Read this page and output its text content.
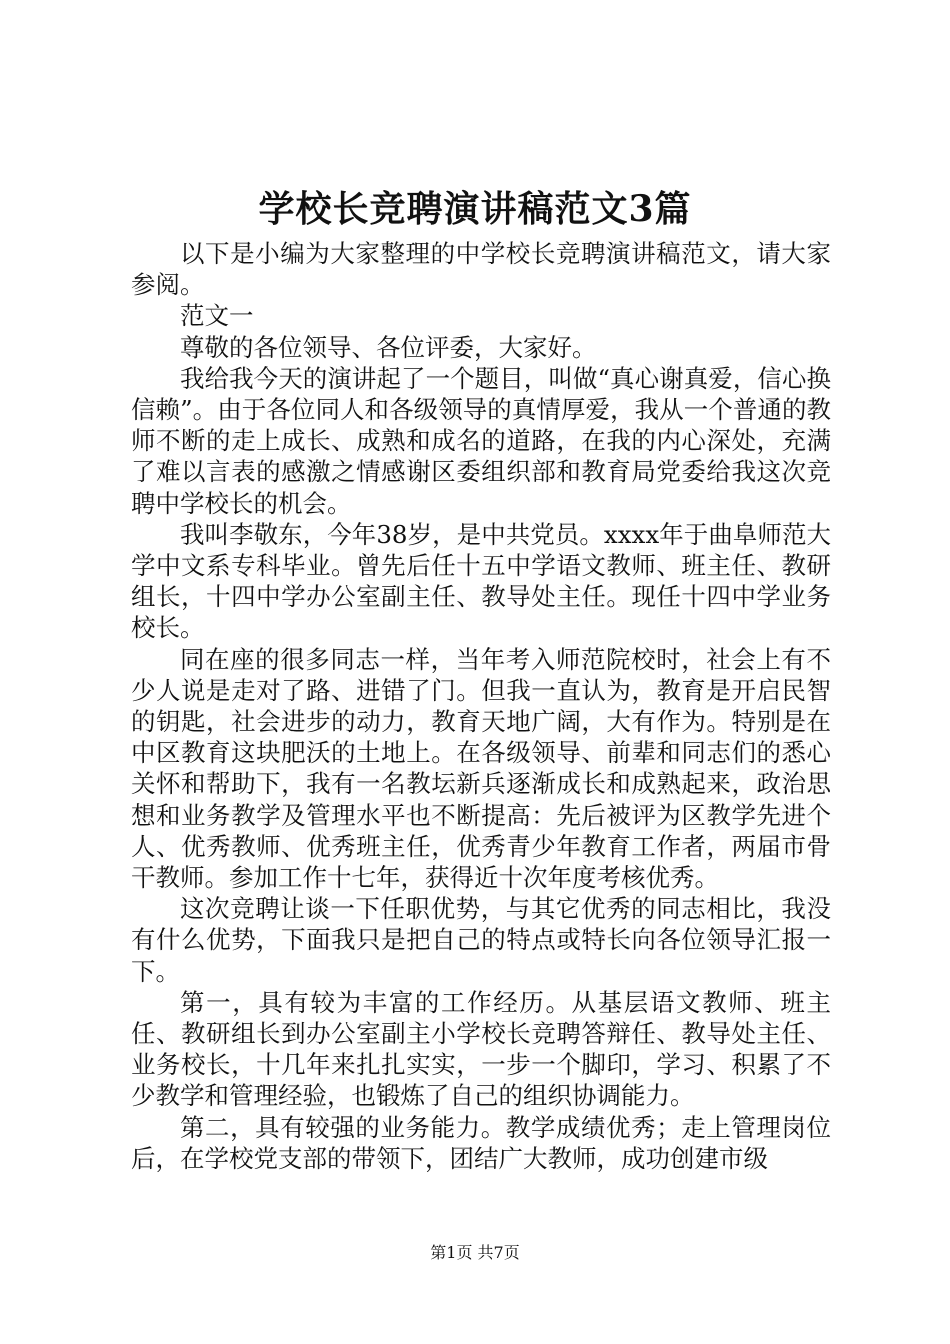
学校长竞聘演讲稿范文3篇

以下是小编为大家整理的中学校长竞聘演讲稿范文，请大家参阅。

范文一

尊敬的各位领导、各位评委，大家好。

我给我今天的演讲起了一个题目，叫做“真心谢真爱，信心换信赖”。由于各位同人和各级领导的真情厚爱，我从一个普通的教师不断的走上成长、成熟和成名的道路，在我的内心深处，充满了难以言表的感激之情感谢区委组织部和教育局党委给我这次竞聘中学校长的机会。

我叫李敬东，今年38岁，是中共党员。xxxx年于曲阜师范大学中文系专科毕业。曾先后任十五中学语文教师、班主任、教研组长，十四中学办公室副主任、教导处主任。现任十四中学业务校长。

同在座的很多同志一样，当年考入师范院校时，社会上有不少人说是走对了路、进错了门。但我一直认为，教育是开启民智的钥匙，社会进步的动力，教育天地广阔，大有作为。特别是在中区教育这块肥沃的土地上。在各级领导、前辈和同志们的悉心关怀和帮助下，我有一名教坛新兵逐渐成长和成熟起来，政治思想和业务教学及管理水平也不断提高：先后被评为区教学先进个人、优秀教师、优秀班主任，优秀青少年教育工作者，两届市骨干教师。参加工作十七年，获得近十次年度考核优秀。

这次竞聘让谈一下任职优势，与其它优秀的同志相比，我没有什么优势，下面我只是把自己的特点或特长向各位领导汇报一下。

第一，具有较为丰富的工作经历。从基层语文教师、班主任、教研组长到办公室副主小学校长竞聘答辩任、教导处主任、业务校长，十几年来扎扎实实，一步一个脚印，学习、积累了不少教学和管理经验，也锻炼了自己的组织协调能力。

第二，具有较强的业务能力。教学成绩优秀；走上管理岗位后，在学校党支部的带领下，团结广大教师，成功创建市级

第1页 共7页
